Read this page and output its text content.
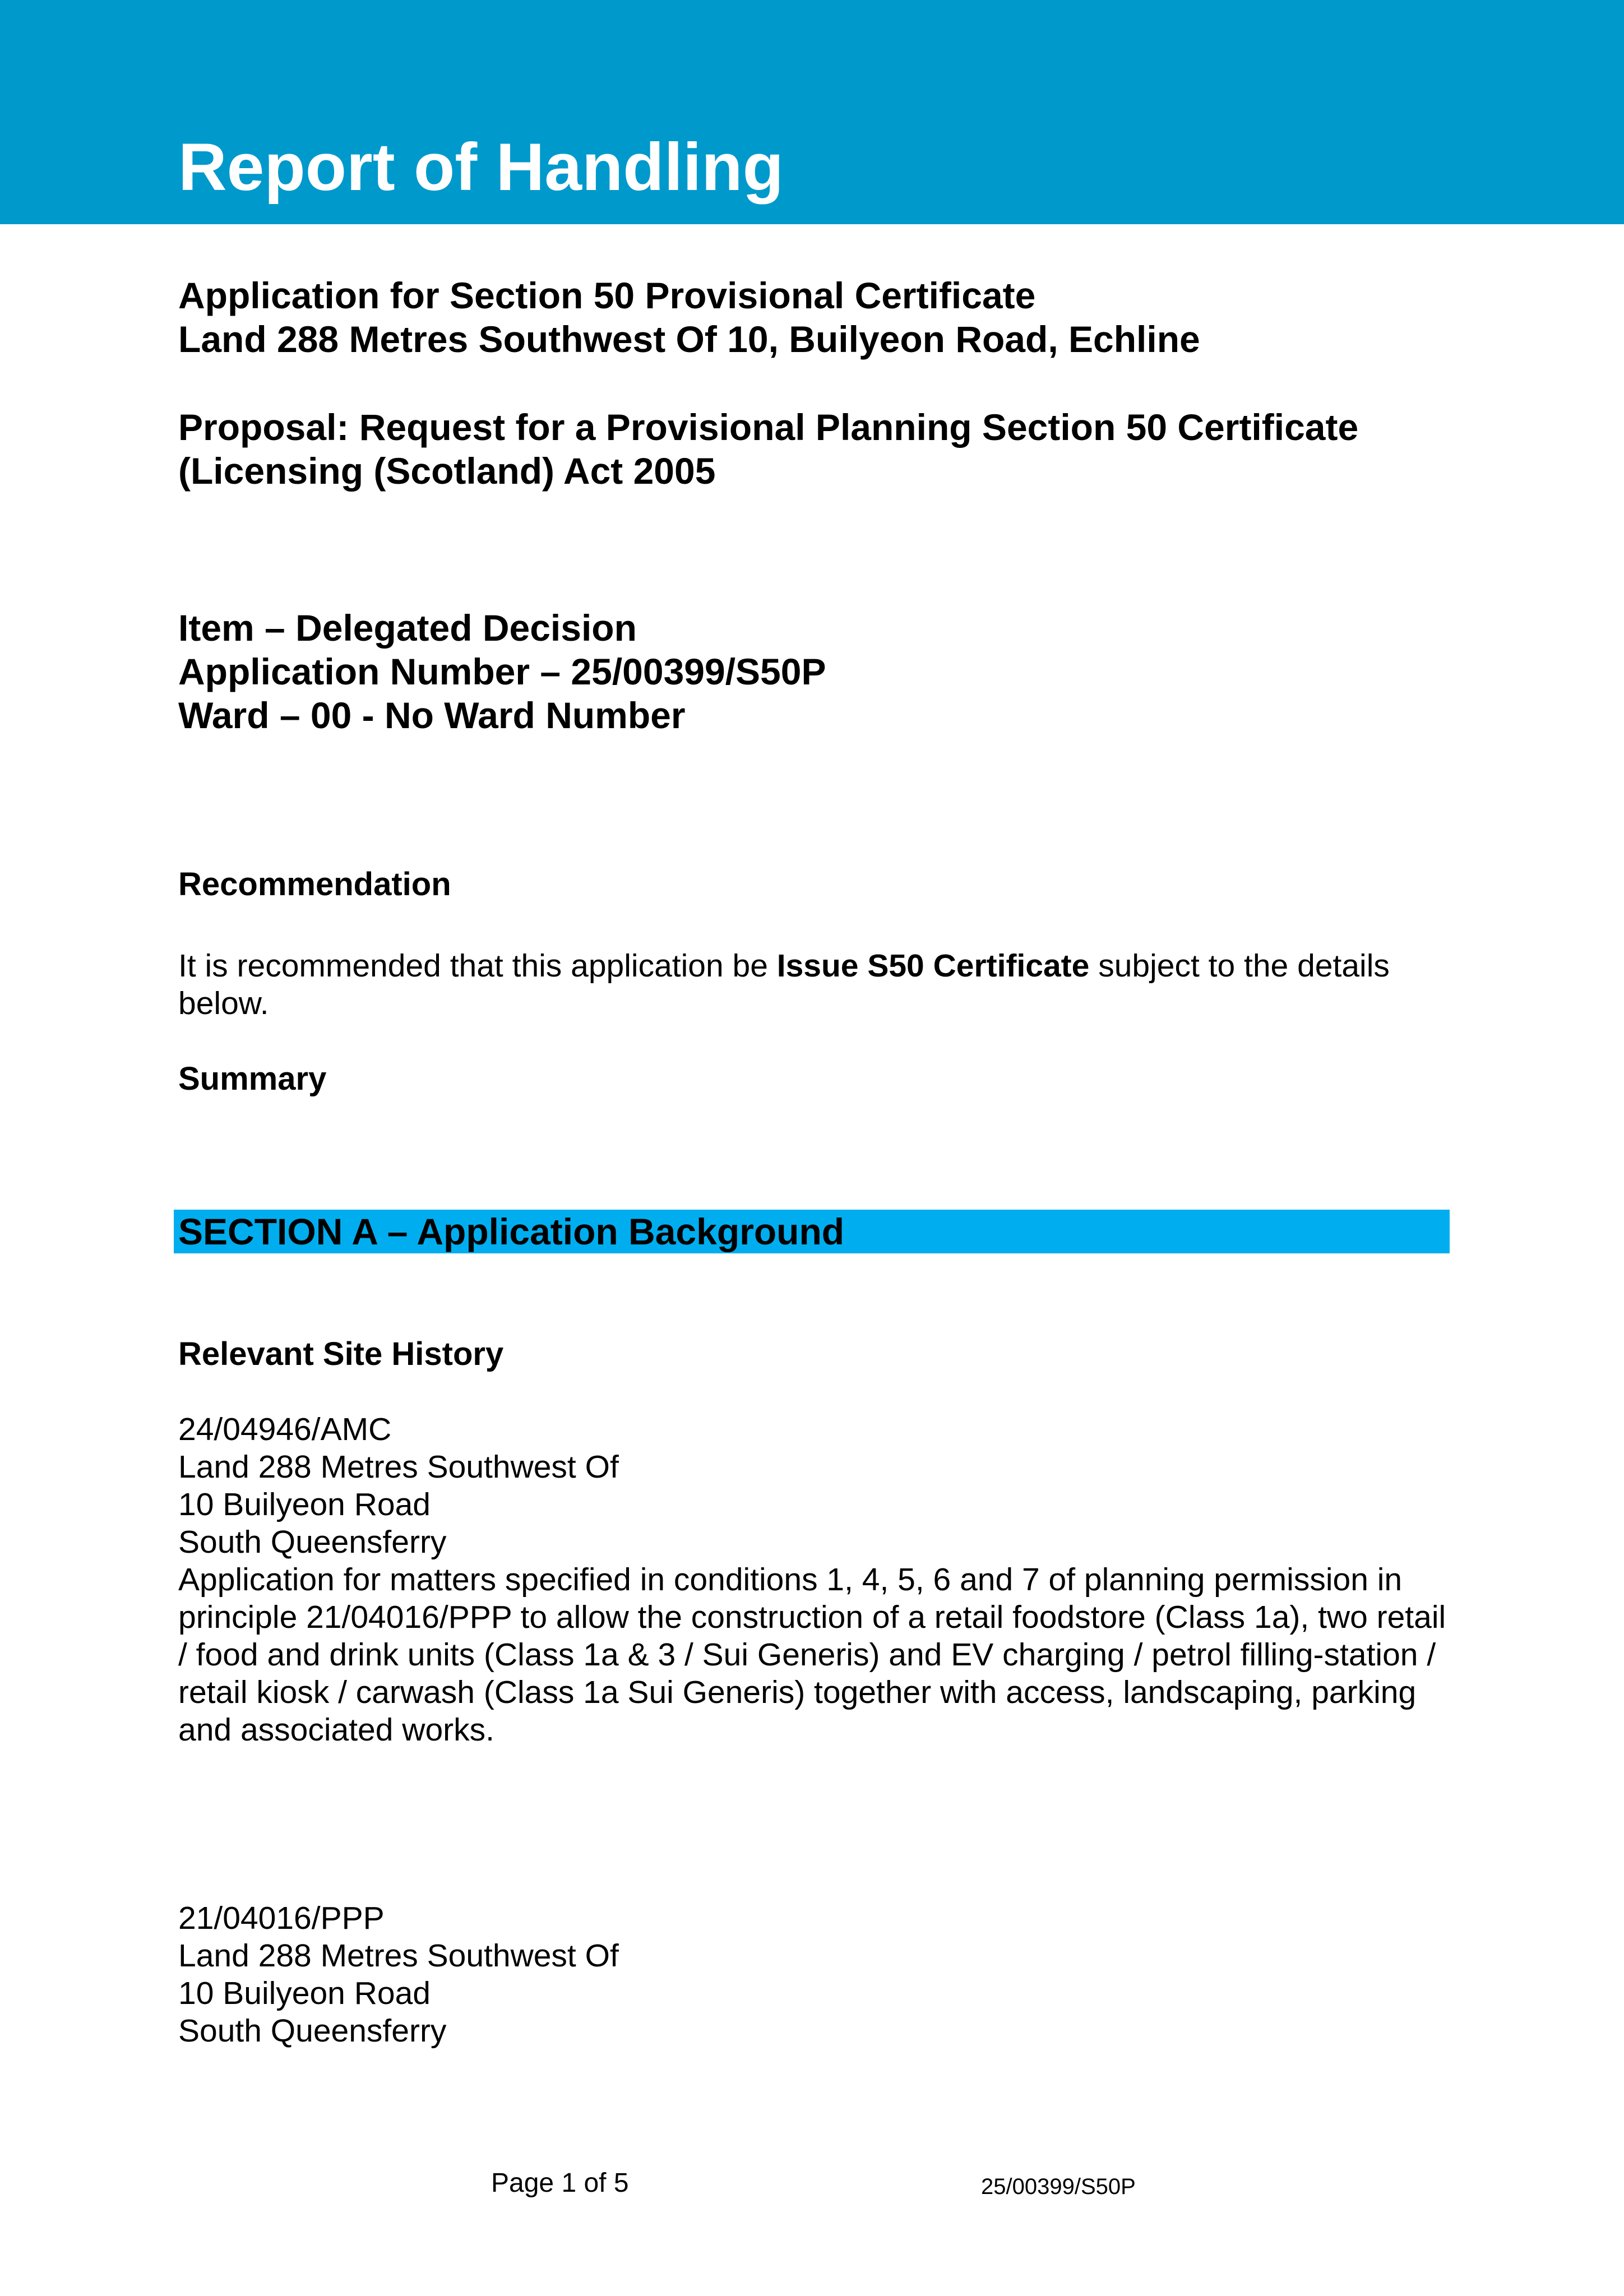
Report of Handling
Application for Section 50 Provisional Certificate
Land 288 Metres Southwest Of 10, Builyeon Road, Echline
Proposal: Request for a Provisional Planning Section 50 Certificate
(Licensing (Scotland) Act 2005
Item – Delegated Decision
Application Number – 25/00399/S50P
Ward – 00 - No Ward Number
Recommendation
It is recommended that this application be Issue S50 Certificate subject to the details below.
Summary
Relevant Site History
24/04946/AMC
Land 288 Metres Southwest Of
10 Builyeon Road
South Queensferry
Application for matters specified in conditions 1, 4, 5, 6 and 7 of planning permission in principle 21/04016/PPP to allow the construction of a retail foodstore (Class 1a), two retail / food and drink units (Class 1a & 3 / Sui Generis) and EV charging / petrol filling-station / retail kiosk / carwash (Class 1a Sui Generis) together with access, landscaping, parking and associated works.
21/04016/PPP
Land 288 Metres Southwest Of
10 Builyeon Road
South Queensferry
SECTION A – Application Background
Page 1 of 5	25/00399/S50P
